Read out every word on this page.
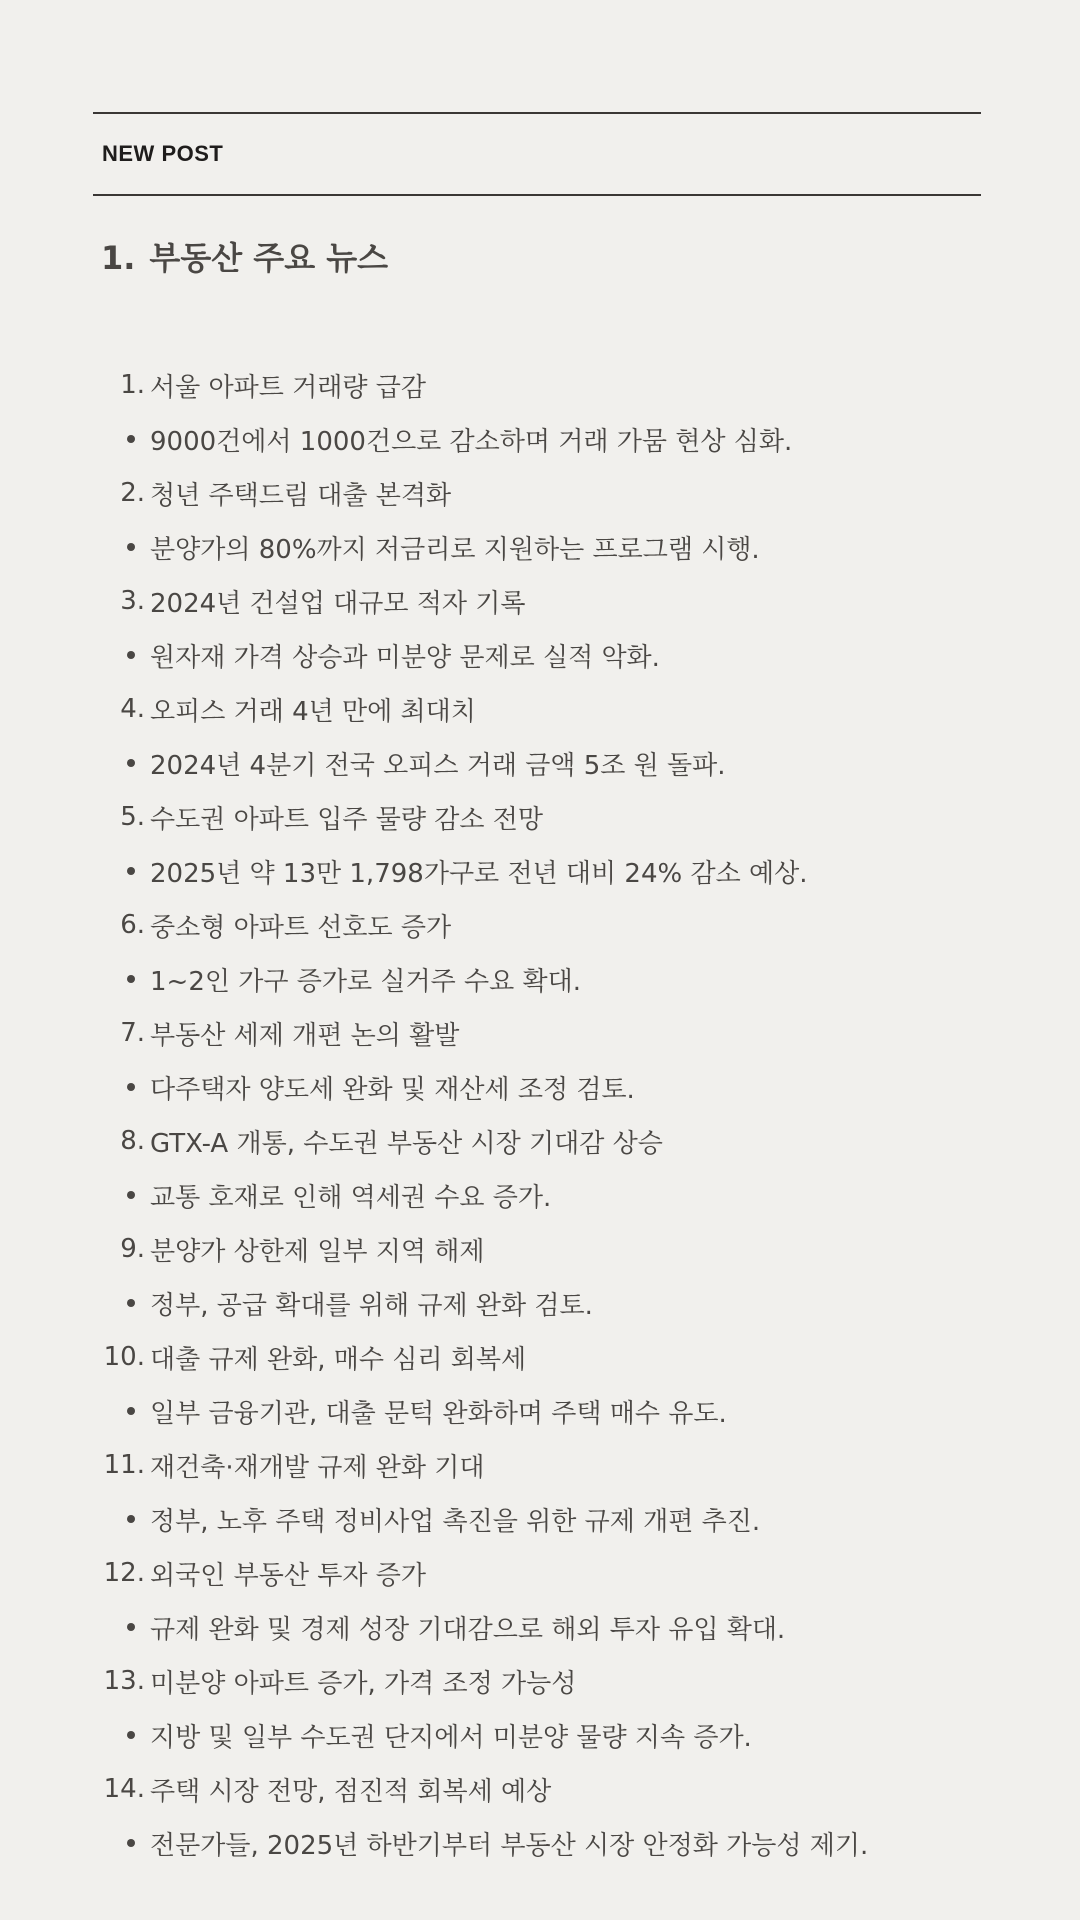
NEW POST
1. 부동산 주요 뉴스
1. 서울 아파트 거래량 급감
9000건에서 1000건으로 감소하며 거래 가뭄 현상 심화.
2. 청년 주택드림 대출 본격화
분양가의 80%까지 저금리로 지원하는 프로그램 시행.
3. 2024년 건설업 대규모 적자 기록
원자재 가격 상승과 미분양 문제로 실적 악화.
4. 오피스 거래 4년 만에 최대치
2024년 4분기 전국 오피스 거래 금액 5조 원 돌파.
5. 수도권 아파트 입주 물량 감소 전망
2025년 약 13만 1,798가구로 전년 대비 24% 감소 예상.
6. 중소형 아파트 선호도 증가
1~2인 가구 증가로 실거주 수요 확대.
7. 부동산 세제 개편 논의 활발
다주택자 양도세 완화 및 재산세 조정 검토.
8. GTX-A 개통, 수도권 부동산 시장 기대감 상승
교통 호재로 인해 역세권 수요 증가.
9. 분양가 상한제 일부 지역 해제
정부, 공급 확대를 위해 규제 완화 검토.
10. 대출 규제 완화, 매수 심리 회복세
일부 금융기관, 대출 문턱 완화하며 주택 매수 유도.
11. 재건축·재개발 규제 완화 기대
정부, 노후 주택 정비사업 촉진을 위한 규제 개편 추진.
12. 외국인 부동산 투자 증가
규제 완화 및 경제 성장 기대감으로 해외 투자 유입 확대.
13. 미분양 아파트 증가, 가격 조정 가능성
지방 및 일부 수도권 단지에서 미분양 물량 지속 증가.
14. 주택 시장 전망, 점진적 회복세 예상
전문가들, 2025년 하반기부터 부동산 시장 안정화 가능성 제기.
